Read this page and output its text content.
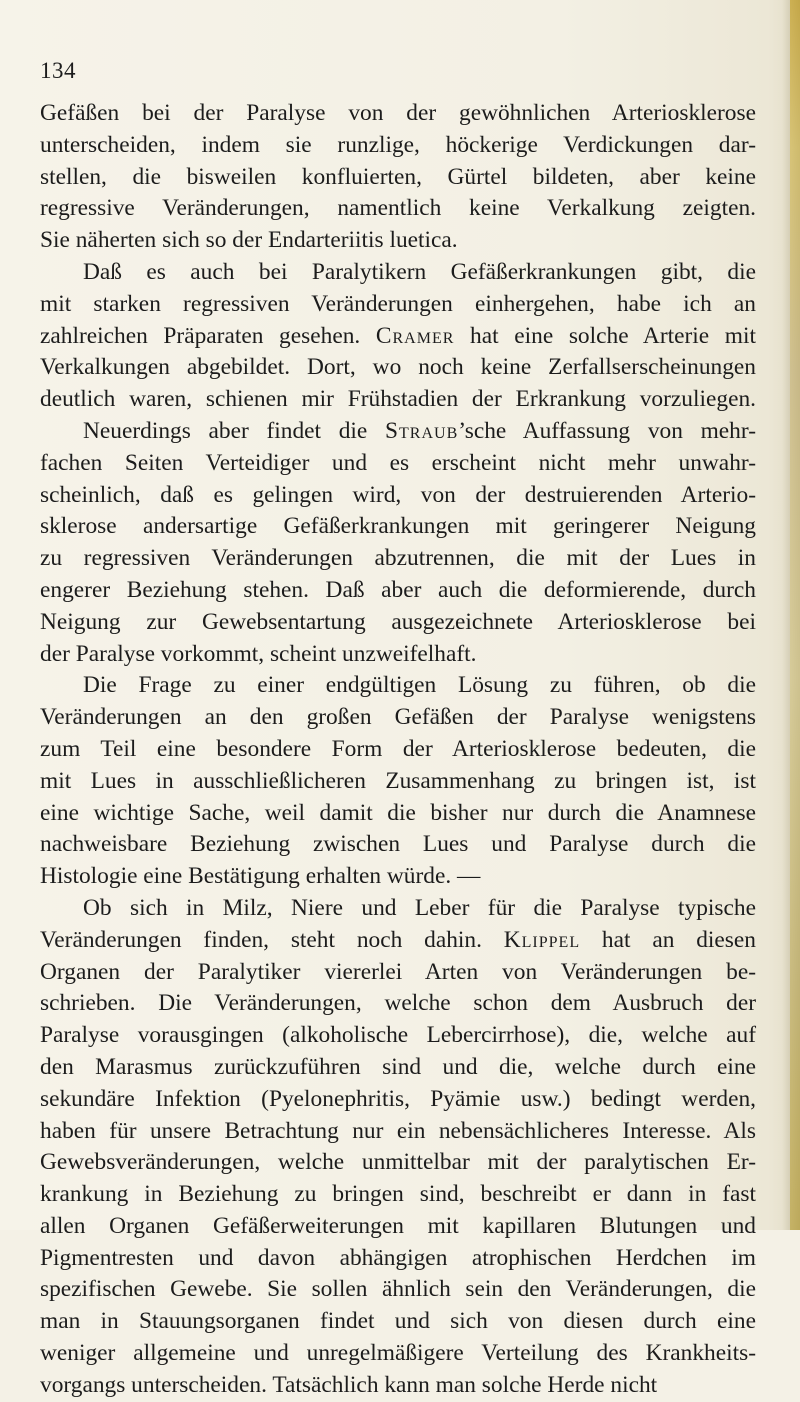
134
Gefäßen bei der Paralyse von der gewöhnlichen Arteriosklerose
unterscheiden, indem sie runzlige, höckerige Verdickungen dar-
stellen, die bisweilen konfluierten, Gürtel bildeten, aber keine
regressive Veränderungen, namentlich keine Verkalkung zeigten.
Sie näherten sich so der Endarteriitis luetica.
Daß es auch bei Paralytikern Gefäßerkrankungen gibt, die
mit starken regressiven Veränderungen einhergehen, habe ich an
zahlreichen Präparaten gesehen. Cramer hat eine solche Arterie mit
Verkalkungen abgebildet. Dort, wo noch keine Zerfallserscheinungen
deutlich waren, schienen mir Frühstadien der Erkrankung vorzuliegen.
Neuerdings aber findet die Straub’sche Auffassung von mehr-
fachen Seiten Verteidiger und es erscheint nicht mehr unwahr-
scheinlich, daß es gelingen wird, von der destruierenden Arterio-
sklerose andersartige Gefäßerkrankungen mit geringerer Neigung
zu regressiven Veränderungen abzutrennen, die mit der Lues in
engerer Beziehung stehen. Daß aber auch die deformierende, durch
Neigung zur Gewebsentartung ausgezeichnete Arteriosklerose bei
der Paralyse vorkommt, scheint unzweifelhaft.
Die Frage zu einer endgültigen Lösung zu führen, ob die
Veränderungen an den großen Gefäßen der Paralyse wenigstens
zum Teil eine besondere Form der Arteriosklerose bedeuten, die
mit Lues in ausschließlicheren Zusammenhang zu bringen ist, ist
eine wichtige Sache, weil damit die bisher nur durch die Anamnese
nachweisbare Beziehung zwischen Lues und Paralyse durch die
Histologie eine Bestätigung erhalten würde. —
Ob sich in Milz, Niere und Leber für die Paralyse typische
Veränderungen finden, steht noch dahin. Klippel hat an diesen
Organen der Paralytiker viererlei Arten von Veränderungen be-
schrieben. Die Veränderungen, welche schon dem Ausbruch der
Paralyse vorausgingen (alkoholische Lebercirrhose), die, welche auf
den Marasmus zurückzuführen sind und die, welche durch eine
sekundäre Infektion (Pyelonephritis, Pyämie usw.) bedingt werden,
haben für unsere Betrachtung nur ein nebensächlicheres Interesse. Als
Gewebsveränderungen, welche unmittelbar mit der paralytischen Er-
krankung in Beziehung zu bringen sind, beschreibt er dann in fast
allen Organen Gefäßerweiterungen mit kapillaren Blutungen und
Pigmentresten und davon abhängigen atrophischen Herdchen im
spezifischen Gewebe. Sie sollen ähnlich sein den Veränderungen, die
man in Stauungsorganen findet und sich von diesen durch eine
weniger allgemeine und unregelmäßigere Verteilung des Krankheits-
vorgangs unterscheiden. Tatsächlich kann man solche Herde nicht
